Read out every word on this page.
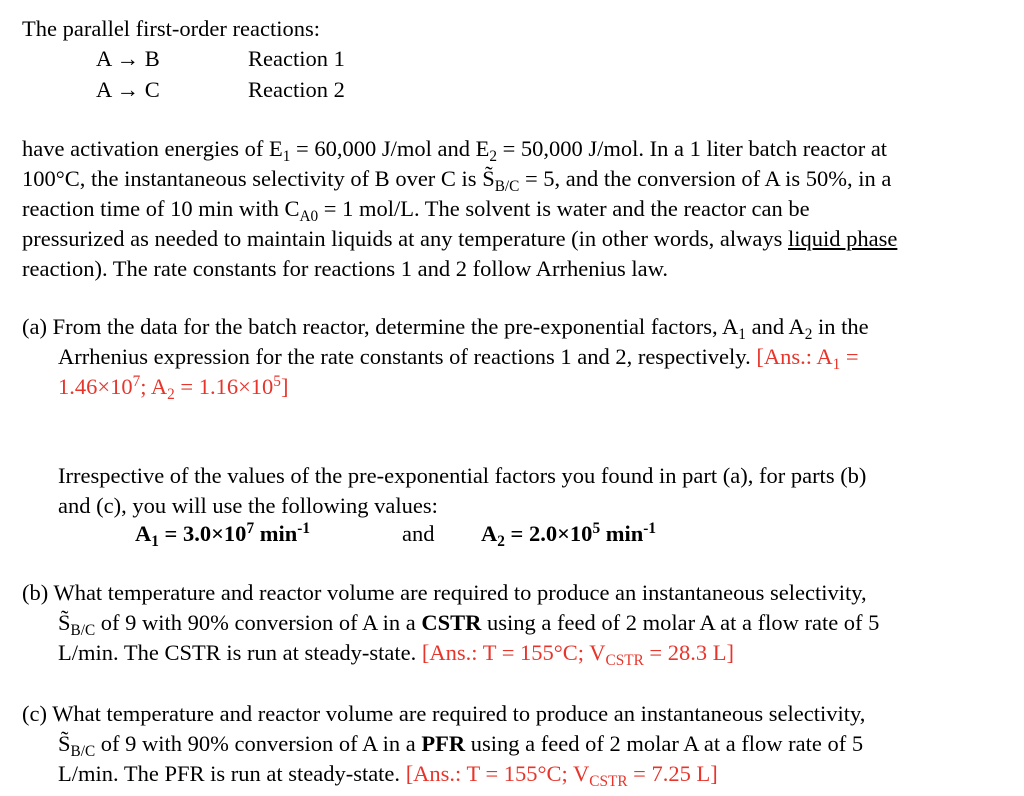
The parallel first-order reactions:
A → B	Reaction 1
A → C	Reaction 2
have activation energies of $E_1 = 60,000$ J/mol and $E_2 = 50,000$ J/mol. In a 1 liter batch reactor at
100°C, the instantaneous selectivity of B over C is $S̃_{B/C} = 5$, and the conversion of A is 50%, in a
reaction time of 10 min with $C_{A0} = 1$ mol/L. The solvent is water and the reactor can be
pressurized as needed to maintain liquids at any temperature (in other words, always liquid phase
reaction). The rate constants for reactions 1 and 2 follow Arrhenius law.
(a) From the data for the batch reactor, determine the pre-exponential factors, $A_1$ and $A_2$ in the
Arrhenius expression for the rate constants of reactions 1 and 2, respectively. [Ans.: $A_1$ =
$1.46\times 10^7$; $A_2 = 1.16\times 10^5$]
Irrespective of the values of the pre-exponential factors you found in part (a), for parts (b)
and (c), you will use the following values:
$A_1 = 3.0\times 10^7$ $\min^{-1}$	and $A_2 = 2.0\times 10^5$ $\min^{-1}$
(b) What temperature and reactor volume are required to produce an instantaneous selectivity,
$S̃_{B/C}$ of 9 with 90% conversion of A in a CSTR using a feed of 2 molar A at a flow rate of 5
L/min. The CSTR is run at steady-state. [Ans.: T = 155°C; $V_{CSTR} = 28.3$ L]
(c) What temperature and reactor volume are required to produce an instantaneous selectivity,
$S̃_{B/C}$ of 9 with 90% conversion of A in a PFR using a feed of 2 molar A at a flow rate of 5
L/min. The PFR is run at steady-state. [Ans.: T = 155°C; $V_{CSTR} = 7.25$ L]
